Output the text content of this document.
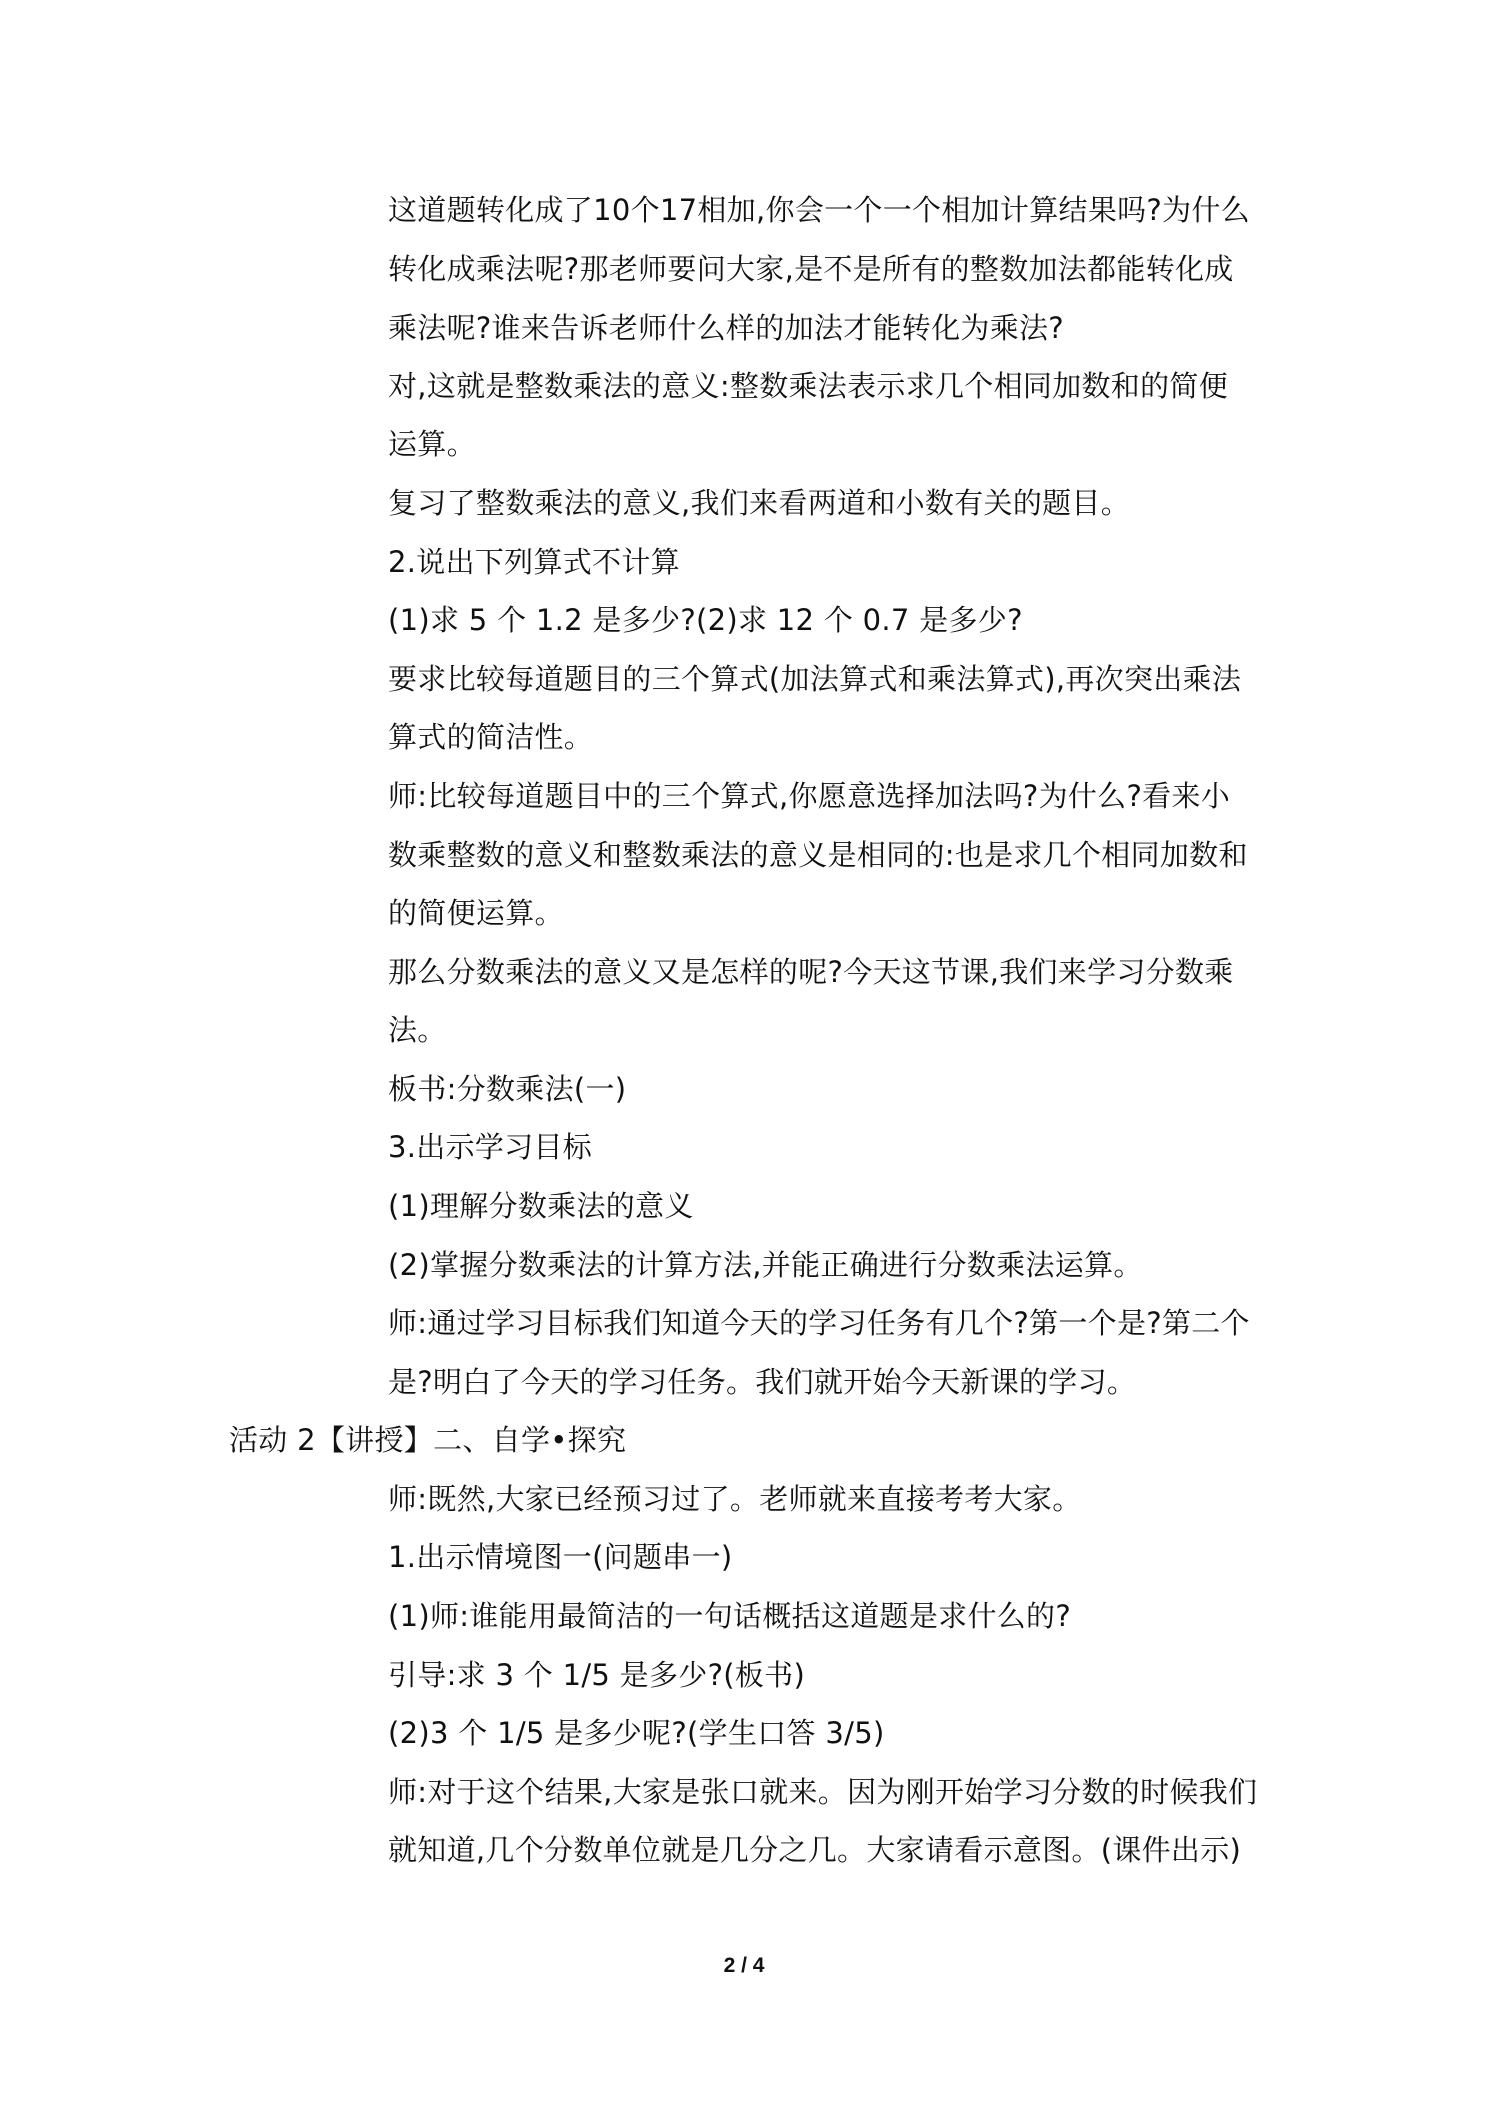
这道题转化成了10个17相加,你会一个一个相加计算结果吗?为什么
转化成乘法呢?那老师要问大家,是不是所有的整数加法都能转化成
乘法呢?谁来告诉老师什么样的加法才能转化为乘法?
对,这就是整数乘法的意义:整数乘法表示求几个相同加数和的简便
运算。
复习了整数乘法的意义,我们来看两道和小数有关的题目。
2.说出下列算式不计算
(1)求 5 个 1.2 是多少?(2)求 12 个 0.7 是多少?
要求比较每道题目的三个算式(加法算式和乘法算式),再次突出乘法
算式的简洁性。
师:比较每道题目中的三个算式,你愿意选择加法吗?为什么?看来小
数乘整数的意义和整数乘法的意义是相同的:也是求几个相同加数和
的简便运算。
那么分数乘法的意义又是怎样的呢?今天这节课,我们来学习分数乘
法。
板书:分数乘法(一)
3.出示学习目标
(1)理解分数乘法的意义
(2)掌握分数乘法的计算方法,并能正确进行分数乘法运算。
师:通过学习目标我们知道今天的学习任务有几个?第一个是?第二个
是?明白了今天的学习任务。我们就开始今天新课的学习。
活动 2【讲授】二、自学•探究
师:既然,大家已经预习过了。老师就来直接考考大家。
1.出示情境图一(问题串一)
(1)师:谁能用最简洁的一句话概括这道题是求什么的?
引导:求 3 个 1/5 是多少?(板书)
(2)3 个 1/5 是多少呢?(学生口答 3/5)
师:对于这个结果,大家是张口就来。因为刚开始学习分数的时候我们
就知道,几个分数单位就是几分之几。大家请看示意图。(课件出示)
2 / 4
